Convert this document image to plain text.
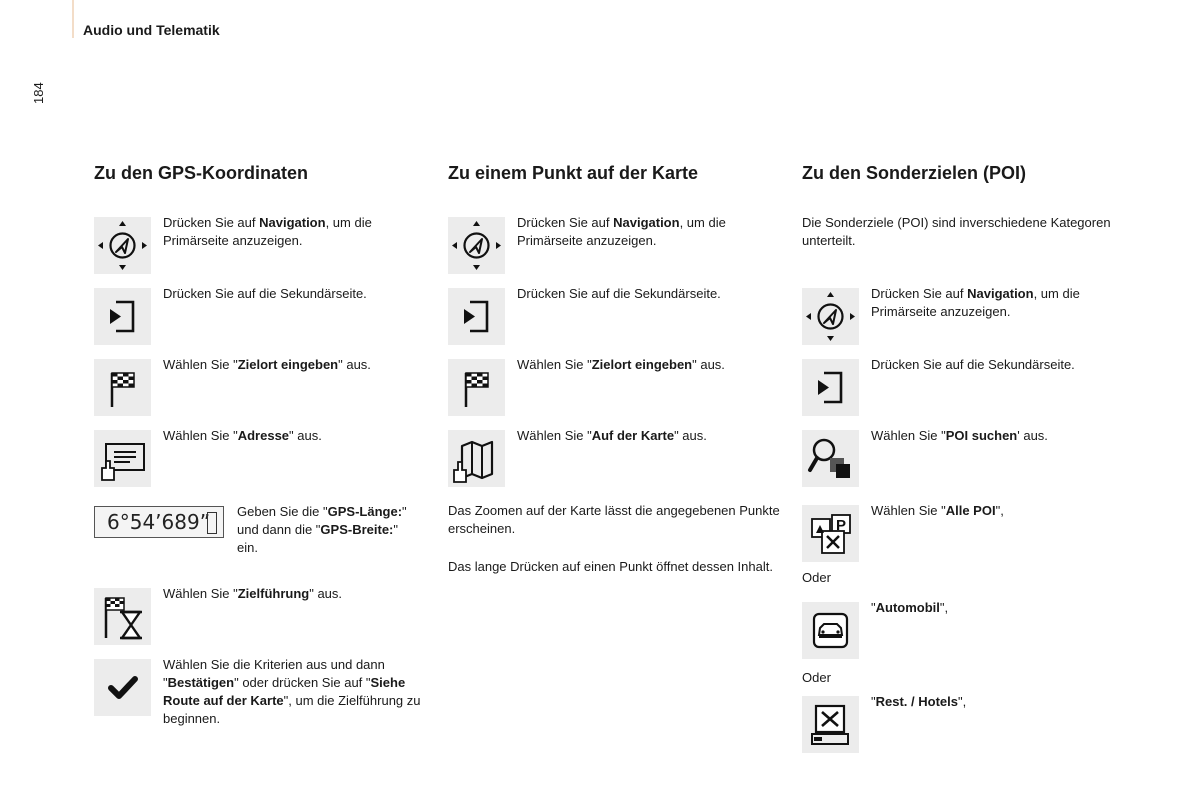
Audio und Telematik
184
Zu den GPS-Koordinaten
Drücken Sie auf Navigation, um die Primärseite anzuzeigen.
Drücken Sie auf die Sekundärseite.
Wählen Sie "Zielort eingeben" aus.
Wählen Sie "Adresse" aus.
6°54’689”	Geben Sie die "GPS-Länge:" und dann die "GPS-Breite:" ein.
Wählen Sie "Zielführung" aus.
Wählen Sie die Kriterien aus und dann "Bestätigen" oder drücken Sie auf "Siehe Route auf der Karte", um die Zielführung zu beginnen.
Zu einem Punkt auf der Karte
Drücken Sie auf Navigation, um die Primärseite anzuzeigen.
Drücken Sie auf die Sekundärseite.
Wählen Sie "Zielort eingeben" aus.
Wählen Sie "Auf der Karte" aus.
Das Zoomen auf der Karte lässt die angegebenen Punkte erscheinen.
Das lange Drücken auf einen Punkt öffnet dessen Inhalt.
Zu den Sonderzielen (POI)
Die Sonderziele (POI) sind inverschiedene Kategoren unterteilt.
Drücken Sie auf Navigation, um die Primärseite anzuzeigen.
Drücken Sie auf die Sekundärseite.
Wählen Sie "POI suchen' aus.
Wählen Sie "Alle POI",
Oder
"Automobil",
Oder
"Rest. / Hotels",
